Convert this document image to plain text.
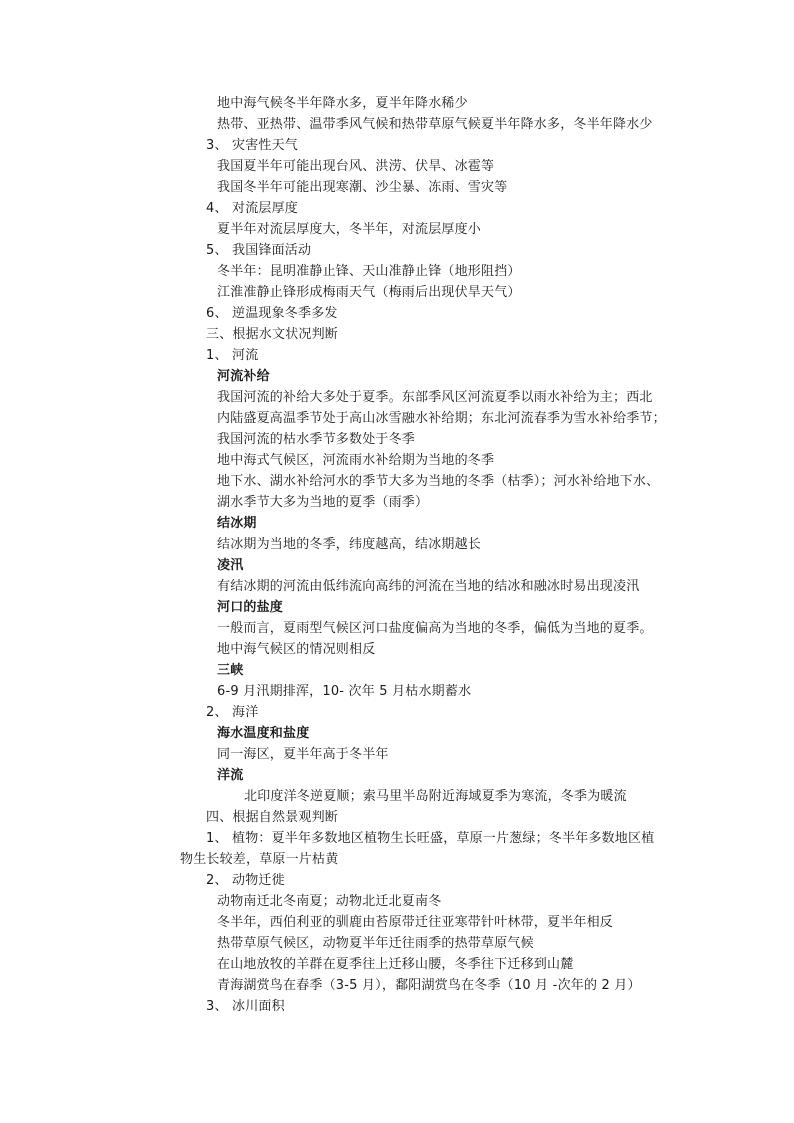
地中海气候冬半年降水多，夏半年降水稀少
热带、亚热带、温带季风气候和热带草原气候夏半年降水多，冬半年降水少
3、 灾害性天气
我国夏半年可能出现台风、洪涝、伏旱、冰雹等
我国冬半年可能出现寒潮、沙尘暴、冻雨、雪灾等
4、 对流层厚度
夏半年对流层厚度大，冬半年，对流层厚度小
5、 我国锋面活动
冬半年：昆明准静止锋、天山准静止锋（地形阻挡）
江淮准静止锋形成梅雨天气（梅雨后出现伏旱天气）
6、 逆温现象冬季多发
三、根据水文状况判断
1、 河流
河流补给
我国河流的补给大多处于夏季。东部季风区河流夏季以雨水补给为主；西北
内陆盛夏高温季节处于高山冰雪融水补给期；东北河流春季为雪水补给季节；
我国河流的枯水季节多数处于冬季
地中海式气候区，河流雨水补给期为当地的冬季
地下水、湖水补给河水的季节大多为当地的冬季（枯季）；河水补给地下水、
湖水季节大多为当地的夏季（雨季）
结冰期
结冰期为当地的冬季，纬度越高，结冰期越长
凌汛
有结冰期的河流由低纬流向高纬的河流在当地的结冰和融冰时易出现凌汛
河口的盐度
一般而言，夏雨型气候区河口盐度偏高为当地的冬季，偏低为当地的夏季。
地中海气候区的情况则相反
三峡
6-9 月汛期排浑，10- 次年 5 月枯水期蓄水
2、 海洋
海水温度和盐度
同一海区，夏半年高于冬半年
洋流
北印度洋冬逆夏顺；索马里半岛附近海域夏季为寒流，冬季为暖流
四、根据自然景观判断
1、 植物：夏半年多数地区植物生长旺盛，草原一片葱绿；冬半年多数地区植
物生长较差，草原一片枯黄
2、 动物迁徙
动物南迁北冬南夏；动物北迁北夏南冬
冬半年，西伯利亚的驯鹿由苔原带迁往亚寒带针叶林带，夏半年相反
热带草原气候区，动物夏半年迁往雨季的热带草原气候
在山地放牧的羊群在夏季往上迁移山腰，冬季往下迁移到山麓
青海湖赏鸟在春季（3-5 月），鄱阳湖赏鸟在冬季（10 月 -次年的 2 月）
3、 冰川面积
